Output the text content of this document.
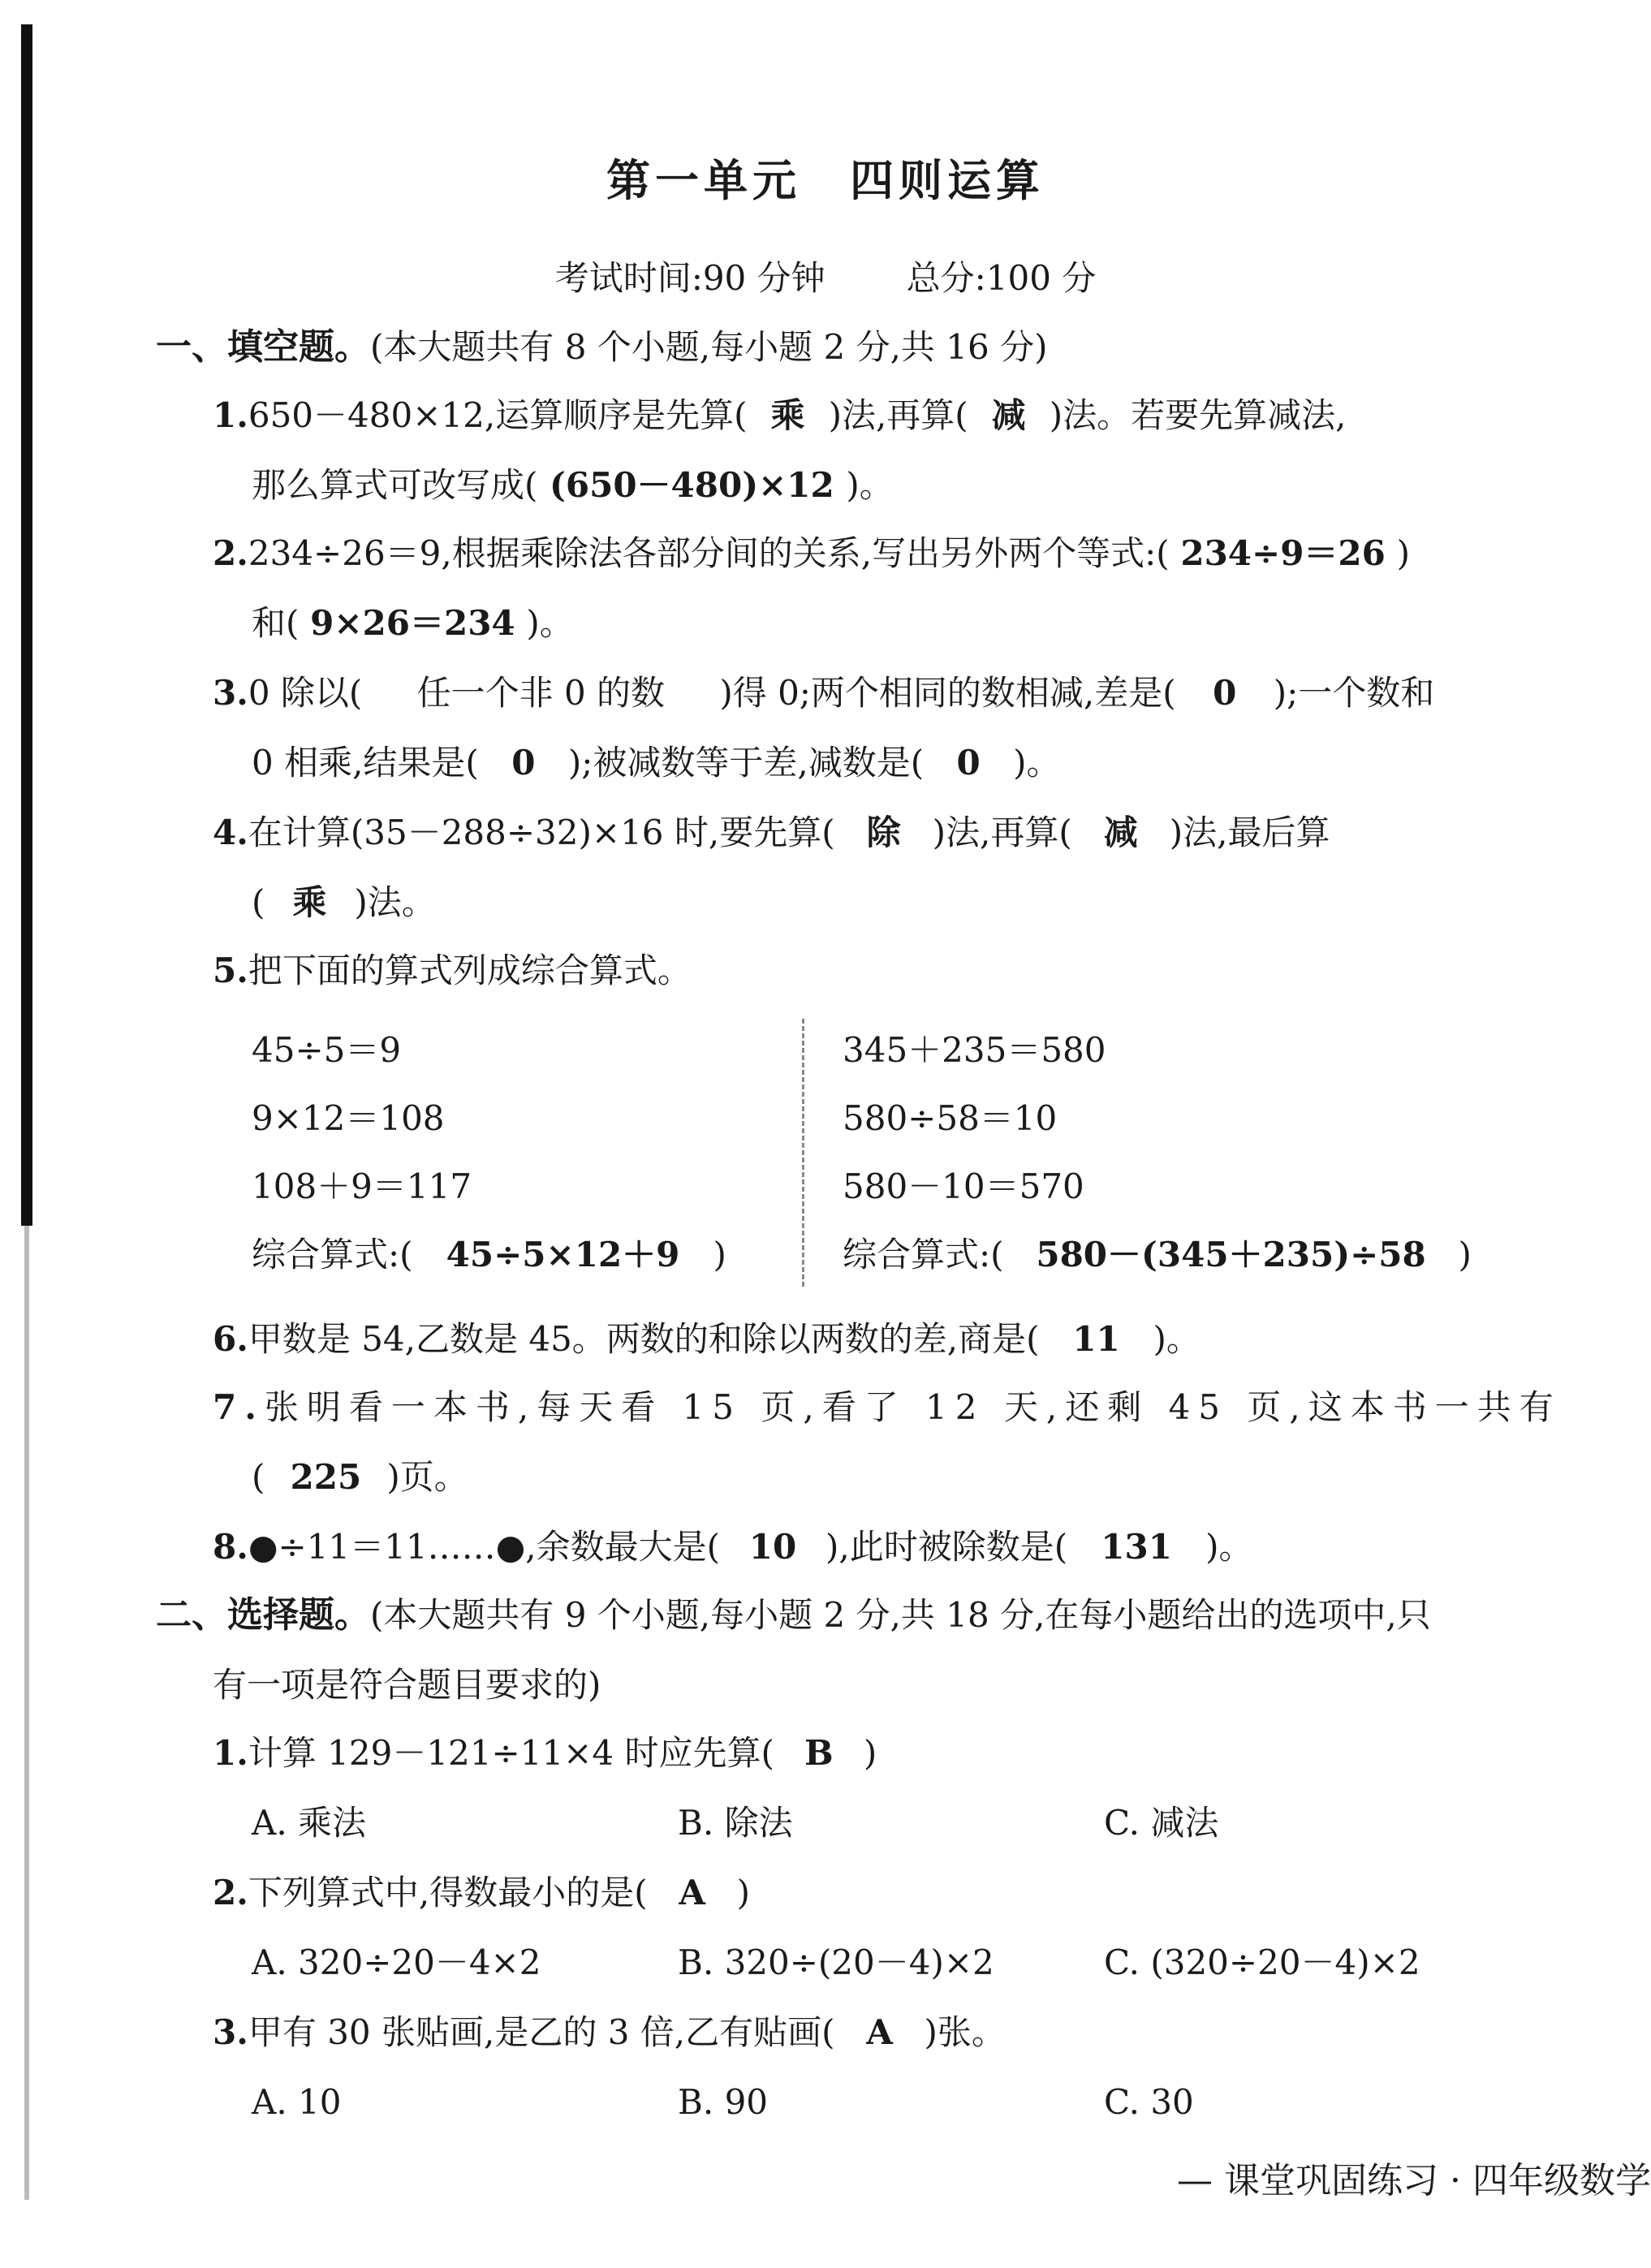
第一单元 四则运算
考试时间:90 分钟 总分:100 分
一、填空题。(本大题共有 8 个小题,每小题 2 分,共 16 分)
1.650－480×12,运算顺序是先算( 乘 )法,再算( 减 )法。若要先算减法,
那么算式可改写成( (650－480)×12 )。
2.234÷26＝9,根据乘除法各部分间的关系,写出另外两个等式:( 234÷9＝26 )
和( 9×26＝234 )。
3.0 除以( 任一个非 0 的数 )得 0;两个相同的数相减,差是( 0 );一个数和
0 相乘,结果是( 0 );被减数等于差,减数是( 0 )。
4.在计算(35－288÷32)×16 时,要先算( 除 )法,再算( 减 )法,最后算
( 乘 )法。
5.把下面的算式列成综合算式。
45÷5＝9
9×12＝108
108＋9＝117
综合算式:( 45÷5×12＋9 )
345＋235＝580
580÷58＝10
580－10＝570
综合算式:( 580－(345＋235)÷58 )
6.甲数是 54,乙数是 45。两数的和除以两数的差,商是( 11 )。
7.张明看一本书,每天看 15 页,看了 12 天,还剩 45 页,这本书一共有
( 225 )页。
8.●÷11＝11……●,余数最大是( 10 ),此时被除数是( 131 )。
二、选择题。(本大题共有 9 个小题,每小题 2 分,共 18 分,在每小题给出的选项中,只
有一项是符合题目要求的)
1.计算 129－121÷11×4 时应先算( B )
A. 乘法	B. 除法	C. 减法
2.下列算式中,得数最小的是( A )
A. 320÷20－4×2	B. 320÷(20－4)×2	C. (320÷20－4)×2
3.甲有 30 张贴画,是乙的 3 倍,乙有贴画( A )张。
A. 10	B. 90	C. 30
— 课堂巩固练习 · 四年级数学
